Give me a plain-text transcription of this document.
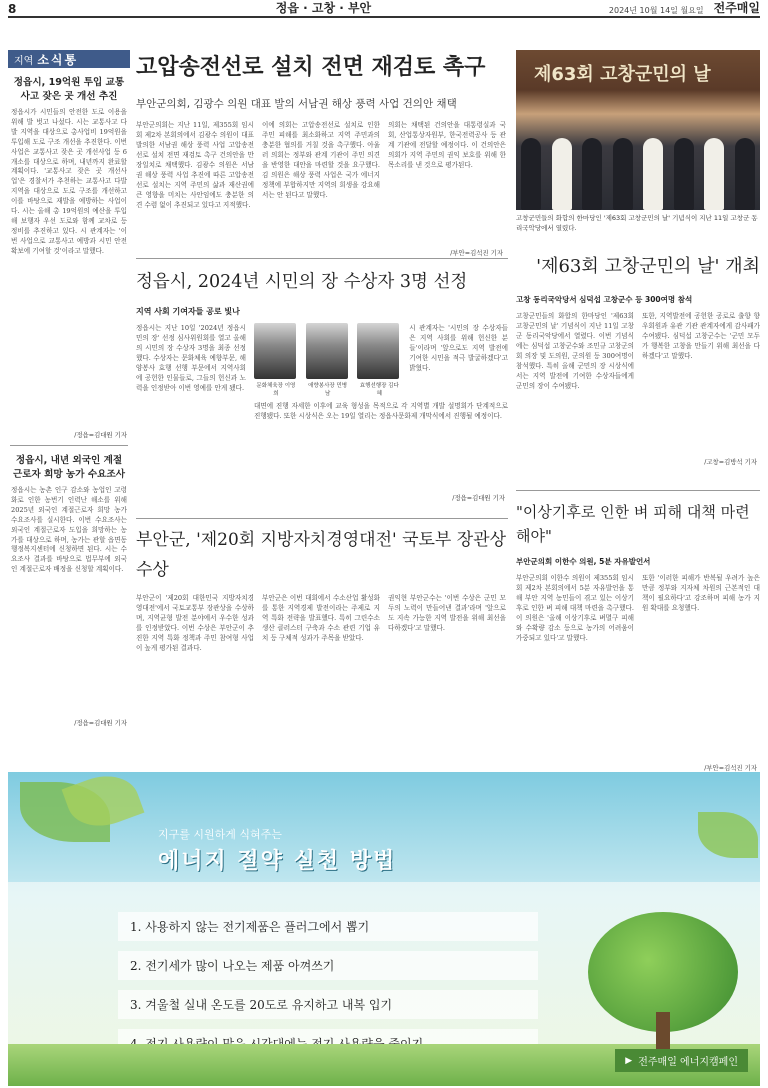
8	정읍 · 고창 · 부안	2024년 10월 14일 월요일 전주매일
지역 소식통
정읍시, 19억원 투입 교통 사고 잦은 곳 개선 추진
정읍시가 시민들의 안전한 도로 이용을 위해 발 벗고 나섰다. 시는 교통사고 다발 지역을 대상으로 총사업비 19억원을 투입해 도로 구조 개선을 추진한다. 이번 사업은 교통사고 잦은 곳 개선사업 등 6개소를 대상으로 하며, 내년까지 완료할 계획이다. '교통사고 잦은 곳 개선사업'은 경찰서가 추천하는 교통사고 다발 지역을 대상으로 도로 구조를 개선하고 이를 바탕으로 재발을 예방하는 사업이다. 시는 올해 총 19억원의 예산을 투입해 보행자 우선 도로와 함께 교차로 등 정비를 추진하고 있다. 시 관계자는 '이번 사업으로 교통사고 예방과 시민 안전 확보에 기여할 것'이라고 말했다.
/정읍=김대원 기자
정읍시, 내년 외국인 계절 근로자 희망 농가 수요조사
정읍시는 농촌 인구 감소와 농업인 고령화로 인한 농번기 인력난 해소를 위해 2025년 외국인 계절근로자 희망 농가 수요조사를 실시한다. 이번 수요조사는 외국인 계절근로자 도입을 희망하는 농가를 대상으로 하며, 농가는 관할 읍면동 행정복지센터에 신청하면 된다. 시는 수요조사 결과를 바탕으로 법무부에 외국인 계절근로자 배정을 신청할 계획이다.
/정읍=김대원 기자
고압송전선로 설치 전면 재검토 촉구
부안군의회, 김광수 의원 대표 발의 서남권 해상 풍력 사업 건의안 채택
부안군의회는 지난 11일, 제355회 임시회 제2차 본회의에서 김광수 의원이 대표 발의한 서남권 해상 풍력 사업 고압송전선로 설치 전면 재검토 촉구 건의안을 만장일치로 채택했다. 김광수 의원은 서남권 해상 풍력 사업 추진에 따른 고압송전선로 설치는 지역 주민의 삶과 재산권에 큰 영향을 미치는 사안임에도 충분한 의견 수렴 없이 추진되고 있다고 지적했다.
이에 의회는 고압송전선로 설치로 인한 주민 피해를 최소화하고 지역 주민과의 충분한 협의를 거칠 것을 촉구했다. 아울러 의회는 정부와 관계 기관이 주민 의견을 반영한 대안을 마련할 것을 요구했다. 김 의원은 해상 풍력 사업은 국가 에너지 정책에 부합하지만 지역의 희생을 강요해서는 안 된다고 말했다.
의회는 채택된 건의안을 대통령실과 국회, 산업통상자원부, 한국전력공사 등 관계 기관에 전달할 예정이다. 이 건의안은 의회가 지역 주민의 권익 보호를 위해 한목소리를 낸 것으로 평가된다.
/부안=김석진 기자
제63회 고창군민의 날
고창군민들의 화합의 한마당인 '제63회 고창군민의 날' 기념식이 지난 11일 고창군 동리국악당에서 열렸다.
'제63회 고창군민의 날' 개최
고창 동리국악당서 심덕섭 고창군수 등 300여명 참석
고창군민들의 화합의 한마당인 '제63회 고창군민의 날' 기념식이 지난 11일 고창군 동리국악당에서 열렸다. 이번 기념식에는 심덕섭 고창군수와 조민규 고창군의회 의장 및 도의원, 군의원 등 300여명이 참석했다. 특히 올해 군민의 장 시상식에서는 지역 발전에 기여한 수상자들에게 군민의 장이 수여됐다.
또한, 지역발전에 공헌한 공로로 출향 향우회원과 유관 기관 관계자에게 감사패가 수여됐다. 심덕섭 고창군수는 '군민 모두가 행복한 고창을 만들기 위해 최선을 다하겠다'고 말했다.
/고창=김방석 기자
정읍시, 2024년 시민의 장 수상자 3명 선정
지역 사회 기여자들 공로 빛나
정읍시는 지난 10일 '2024년 정읍시민의 장' 선정 심사위원회를 열고 올해의 시민의 장 수상자 3명을 최종 선정했다. 수상자는 문화체육 예향부문, 해양봉사 효행 선행 부문에서 지역사회에 공헌한 인물들로, 그들의 헌신과 노력을 인정받아 이번 영예를 안게 됐다.	문화체육장 이영희
애향봉사장 민병남
효행선행장 김다혜
시 관계자는 '시민의 장 수상자들은 지역 사회를 위해 헌신한 분들'이라며 '앞으로도 지역 발전에 기여한 시민을 적극 발굴하겠다'고 밝혔다.
대면에 진행 자세한 이후에 교육 형성을 목적으로 각 지역별 개발 설명회가 단계적으로 진행됐다. 또한 시상식은 오는 19일 열리는 정읍사문화제 개막식에서 진행될 예정이다.
/정읍=김대원 기자
부안군, '제20회 지방자치경영대전' 국토부 장관상 수상
부안군이 '제20회 대한민국 지방자치경영대전'에서 국토교통부 장관상을 수상하며, 지역균형 발전 분야에서 우수한 성과를 인정받았다. 이번 수상은 부안군이 추진한 지역 특화 정책과 주민 참여형 사업이 높게 평가된 결과다.
부안군은 이번 대회에서 수소산업 활성화를 통한 지역경제 발전이라는 주제로 지역 특화 전략을 발표했다. 특히 그린수소 생산 클러스터 구축과 수소 관련 기업 유치 등 구체적 성과가 주목을 받았다.
권익현 부안군수는 '이번 수상은 군민 모두의 노력이 만들어낸 결과'라며 '앞으로도 지속 가능한 지역 발전을 위해 최선을 다하겠다'고 말했다.
"이상기후로 인한 벼 피해 대책 마련해야"
부안군의회 이한수 의원, 5분 자유발언서
부안군의회 이한수 의원이 제355회 임시회 제2차 본회의에서 5분 자유발언을 통해 부안 지역 농민들이 겪고 있는 이상기후로 인한 벼 피해 대책 마련을 촉구했다. 이 의원은 '올해 이상기후로 벼멸구 피해와 수확량 감소 등으로 농가의 어려움이 가중되고 있다'고 말했다.
또한 '이러한 피해가 반복될 우려가 높은 만큼 정부와 지자체 차원의 근본적인 대책이 필요하다'고 강조하며 피해 농가 지원 확대를 요청했다.
/부안=김석진 기자
지구를 시원하게 식혀주는
에너지 절약 실천 방법
1. 사용하지 않는 전기제품은 플러그에서 뽑기
2. 전기세가 많이 나오는 제품 아껴쓰기
3. 겨울철 실내 온도를 20도로 유지하고 내복 입기
▶ 전주매일 에너지캠페인
